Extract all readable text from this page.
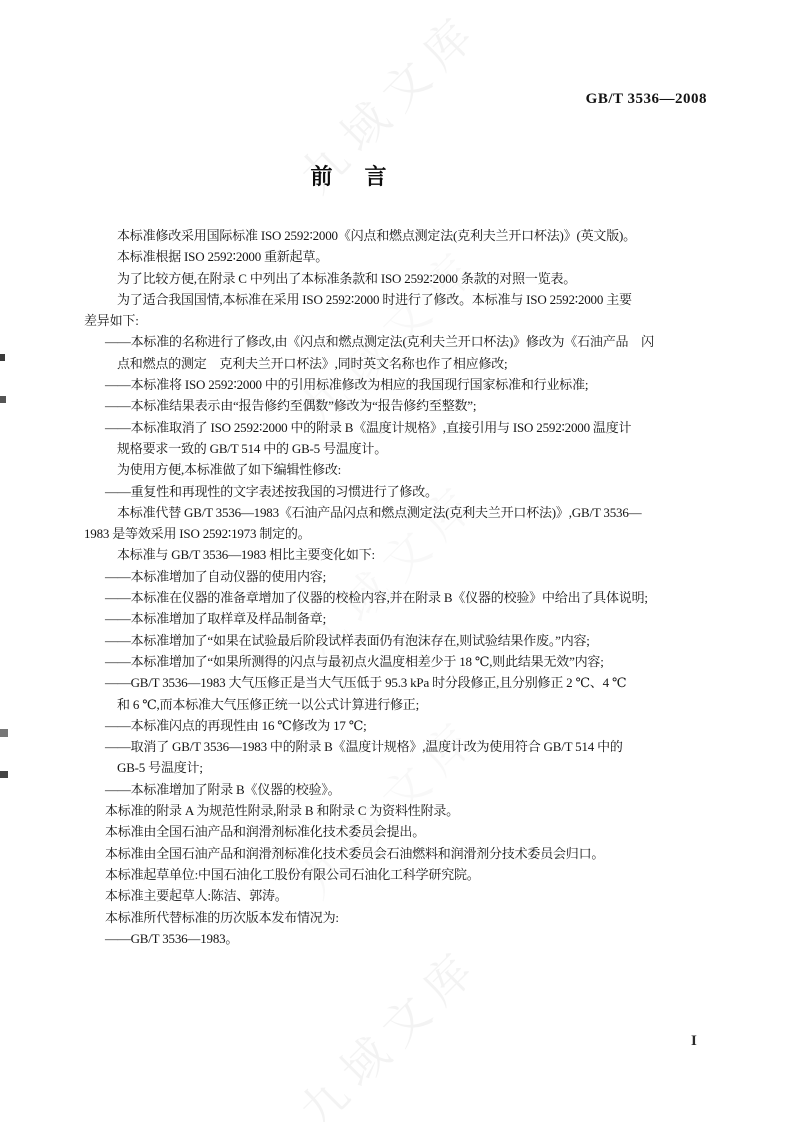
GB/T 3536—2008
前　言
本标准修改采用国际标准 ISO 2592∶2000《闪点和燃点测定法(克利夫兰开口杯法)》(英文版)。
本标准根据 ISO 2592∶2000 重新起草。
为了比较方便,在附录 C 中列出了本标准条款和 ISO 2592∶2000 条款的对照一览表。
为了适合我国国情,本标准在采用 ISO 2592∶2000 时进行了修改。本标准与 ISO 2592∶2000 主要
差异如下:
——本标准的名称进行了修改,由《闪点和燃点测定法(克利夫兰开口杯法)》修改为《石油产品　闪
点和燃点的测定　克利夫兰开口杯法》,同时英文名称也作了相应修改;
——本标准将 ISO 2592∶2000 中的引用标准修改为相应的我国现行国家标准和行业标准;
——本标准结果表示由“报告修约至偶数”修改为“报告修约至整数”;
——本标准取消了 ISO 2592∶2000 中的附录 B《温度计规格》,直接引用与 ISO 2592∶2000 温度计
规格要求一致的 GB/T 514 中的 GB-5 号温度计。
为使用方便,本标准做了如下编辑性修改:
——重复性和再现性的文字表述按我国的习惯进行了修改。
本标准代替 GB/T 3536—1983《石油产品闪点和燃点测定法(克利夫兰开口杯法)》,GB/T 3536—
1983 是等效采用 ISO 2592∶1973 制定的。
本标准与 GB/T 3536—1983 相比主要变化如下:
——本标准增加了自动仪器的使用内容;
——本标准在仪器的准备章增加了仪器的校检内容,并在附录 B《仪器的校验》中给出了具体说明;
——本标准增加了取样章及样品制备章;
——本标准增加了“如果在试验最后阶段试样表面仍有泡沫存在,则试验结果作废。”内容;
——本标准增加了“如果所测得的闪点与最初点火温度相差少于 18 ℃,则此结果无效”内容;
——GB/T 3536—1983 大气压修正是当大气压低于 95.3 kPa 时分段修正,且分别修正 2 ℃、4 ℃
和 6 ℃,而本标准大气压修正统一以公式计算进行修正;
——本标准闪点的再现性由 16 ℃修改为 17 ℃;
——取消了 GB/T 3536—1983 中的附录 B《温度计规格》,温度计改为使用符合 GB/T 514 中的
GB-5 号温度计;
——本标准增加了附录 B《仪器的校验》。
本标准的附录 A 为规范性附录,附录 B 和附录 C 为资料性附录。
本标准由全国石油产品和润滑剂标准化技术委员会提出。
本标准由全国石油产品和润滑剂标准化技术委员会石油燃料和润滑剂分技术委员会归口。
本标准起草单位:中国石油化工股份有限公司石油化工科学研究院。
本标准主要起草人:陈洁、郭涛。
本标准所代替标准的历次版本发布情况为:
——GB/T 3536—1983。
I
